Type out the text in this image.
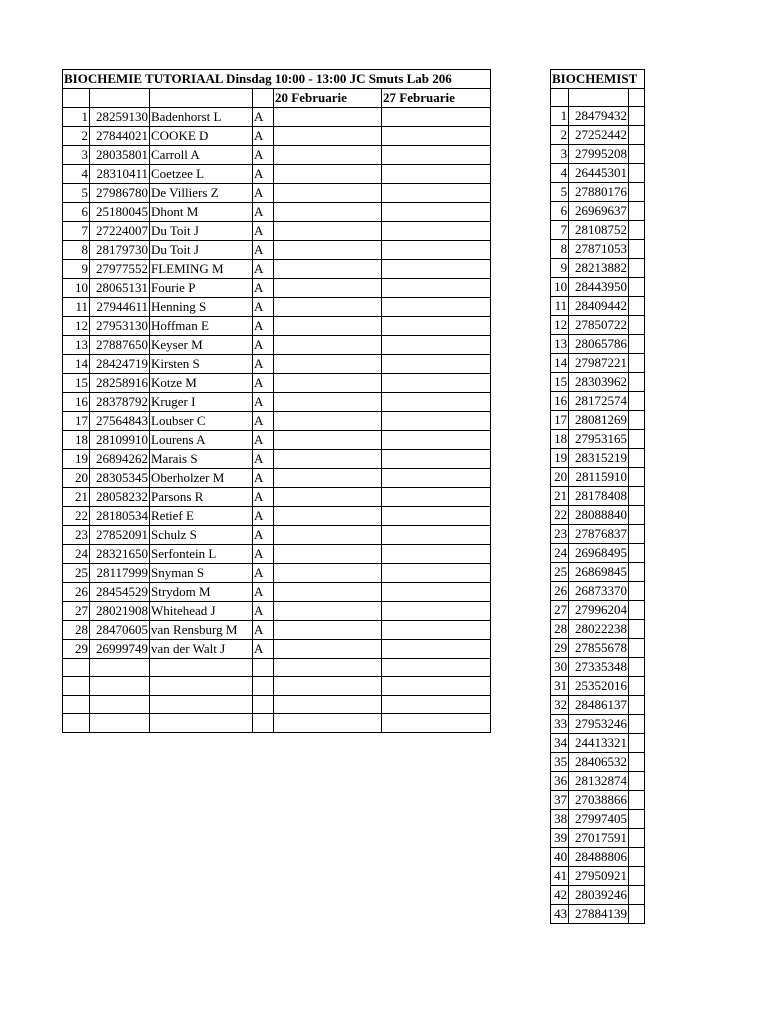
BIOCHEMIE TUTORIAAL Dinsdag 10:00 - 13:00 JC Smuts Lab 206					
				20 Februarie	27 Februarie
1	28259130	Badenhorst L	A		
2	27844021	COOKE D	A		
3	28035801	Carroll A	A		
4	28310411	Coetzee L	A		
5	27986780	De Villiers Z	A		
6	25180045	Dhont M	A		
7	27224007	Du Toit J	A		
8	28179730	Du Toit J	A		
9	27977552	FLEMING M	A		
10	28065131	Fourie P	A		
11	27944611	Henning S	A		
12	27953130	Hoffman E	A		
13	27887650	Keyser M	A		
14	28424719	Kirsten S	A		
15	28258916	Kotze M	A		
16	28378792	Kruger I	A		
17	27564843	Loubser C	A		
18	28109910	Lourens A	A		
19	26894262	Marais S	A		
20	28305345	Oberholzer M	A		
21	28058232	Parsons R	A		
22	28180534	Retief E	A		
23	27852091	Schulz S	A		
24	28321650	Serfontein L	A		
25	28117999	Snyman S	A		
26	28454529	Strydom M	A		
27	28021908	Whitehead J	A		
28	28470605	van Rensburg M	A		
29	26999749	van der Walt J	A		

BIOCHEMIST		

1	28479432	
2	27252442	
3	27995208	
4	26445301	
5	27880176	
6	26969637	
7	28108752	
8	27871053	
9	28213882	
10	28443950	
11	28409442	
12	27850722	
13	28065786	
14	27987221	
15	28303962	
16	28172574	
17	28081269	
18	27953165	
19	28315219	
20	28115910	
21	28178408	
22	28088840	
23	27876837	
24	26968495	
25	26869845	
26	26873370	
27	27996204	
28	28022238	
29	27855678	
30	27335348	
31	25352016	
32	28486137	
33	27953246	
34	24413321	
35	28406532	
36	28132874	
37	27038866	
38	27997405	
39	27017591	
40	28488806	
41	27950921	
42	28039246	
43	27884139	
